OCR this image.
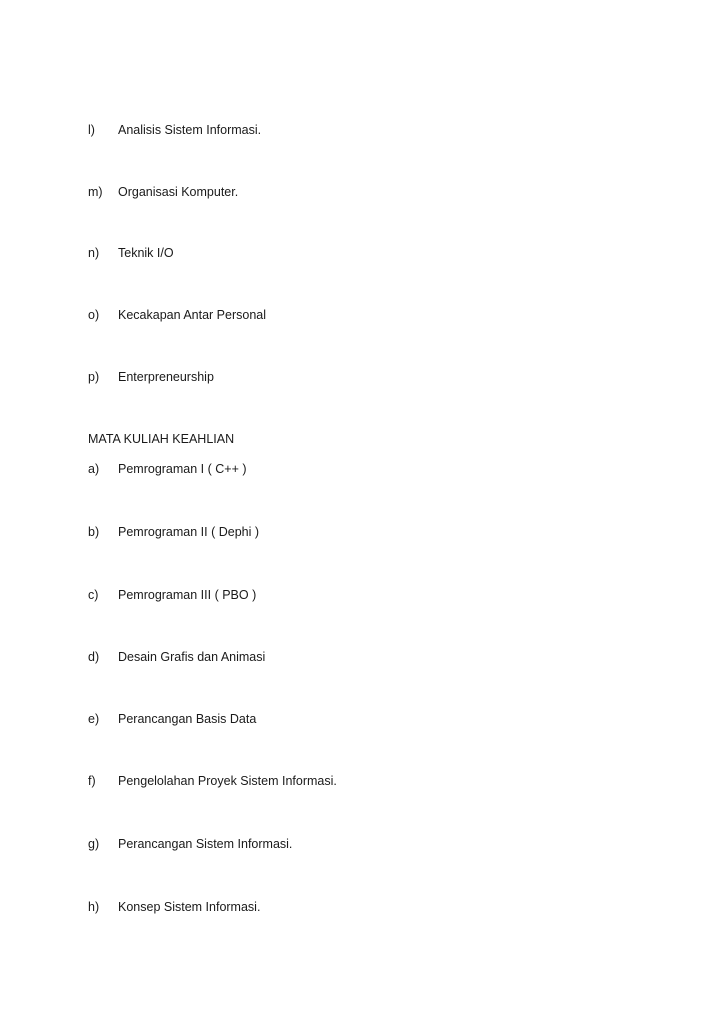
l) Analisis Sistem Informasi.
m) Organisasi Komputer.
n) Teknik I/O
o) Kecakapan Antar Personal
p) Enterpreneurship
MATA KULIAH KEAHLIAN
a) Pemrograman I ( C++ )
b) Pemrograman II ( Dephi )
c) Pemrograman III ( PBO )
d) Desain Grafis dan Animasi
e) Perancangan Basis Data
f) Pengelolahan Proyek Sistem Informasi.
g) Perancangan Sistem Informasi.
h) Konsep Sistem Informasi.
